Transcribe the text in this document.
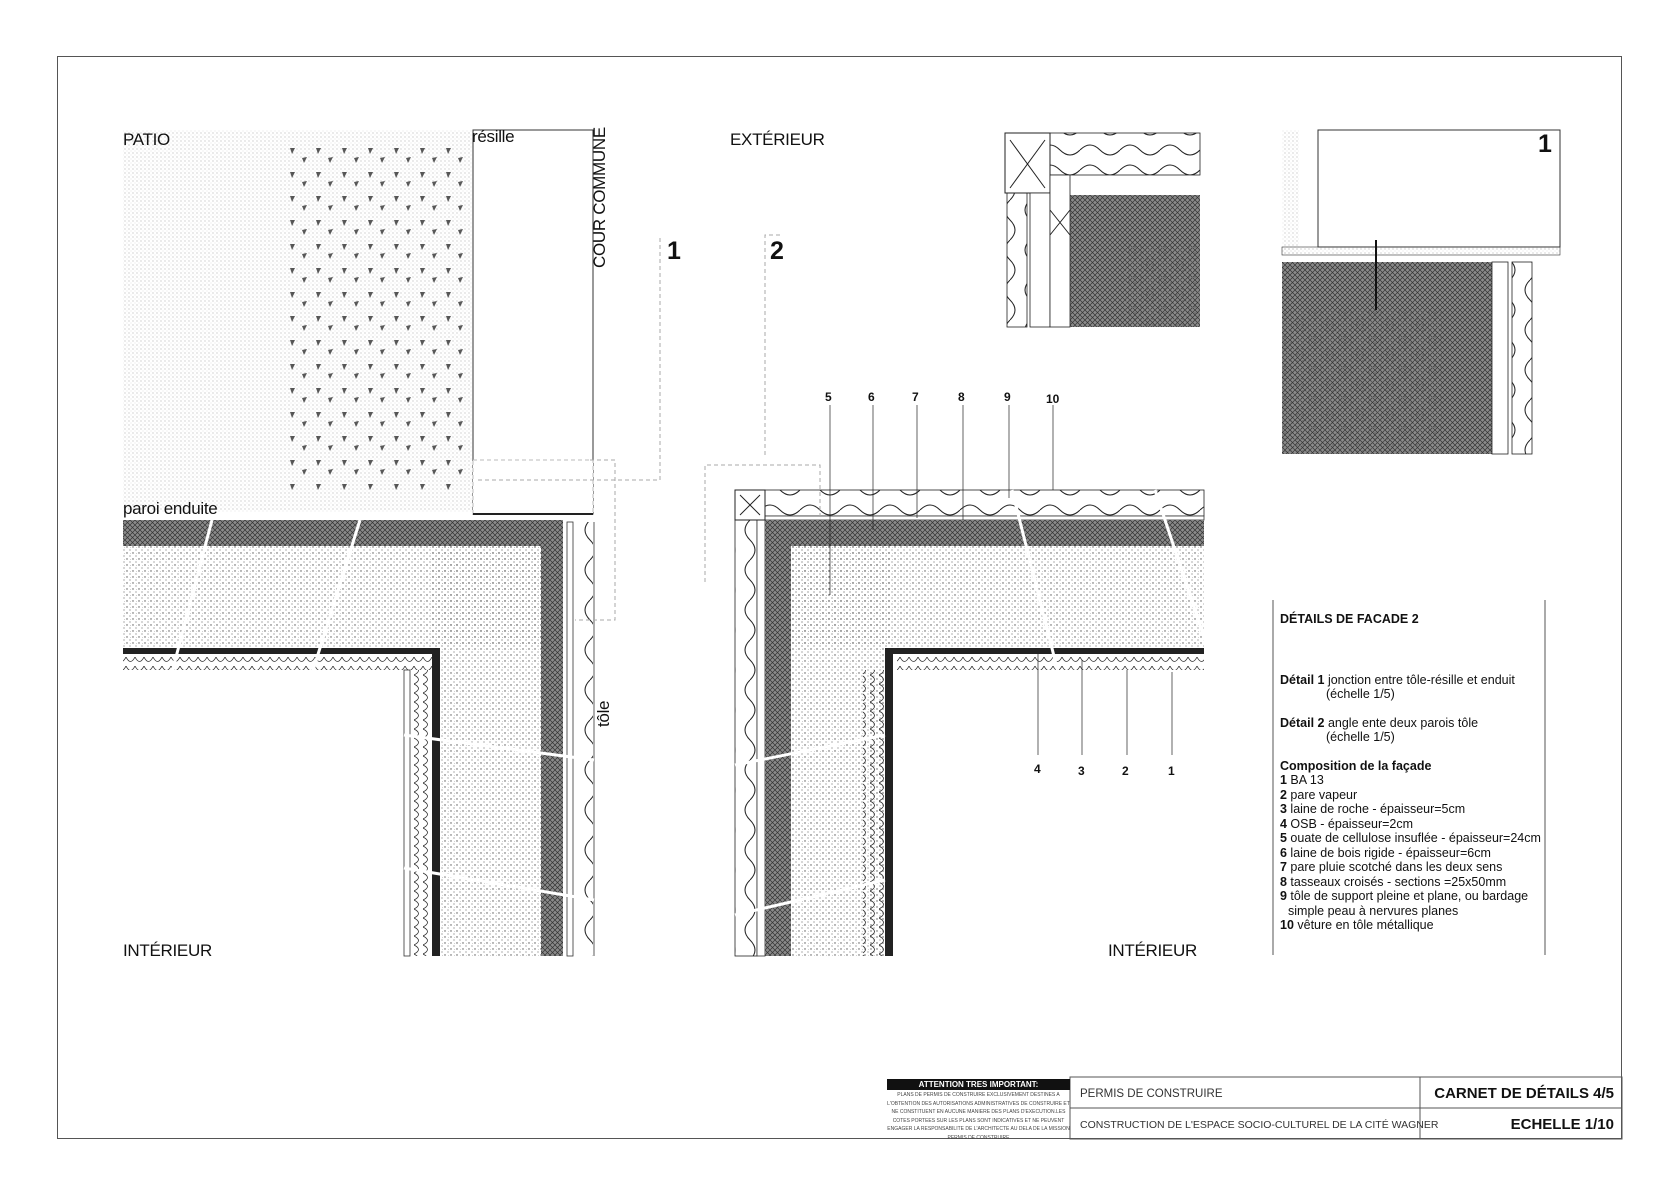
PATIO	résille	COUR COMMUNE	EXTÉRIEUR
paroi enduite
tôle
INTÉRIEUR	INTÉRIEUR
1	2
1
5	6	7	8	9	10
4	3	2	1
DÉTAILS DE FACADE 2
Détail 1 jonction entre tôle-résille et enduit
(échelle 1/5)
Détail 2 angle ente deux parois tôle
(échelle 1/5)
Composition de la façade
1 BA 13
2 pare vapeur
3 laine de roche - épaisseur=5cm
4 OSB - épaisseur=2cm
5 ouate de cellulose insuflée - épaisseur=24cm
6 laine de bois rigide - épaisseur=6cm
7 pare pluie scotché dans les deux sens
8 tasseaux croisés - sections =25x50mm
9 tôle de support pleine et plane, ou bardage
simple peau à nervures planes
10 vêture en tôle métallique
ATTENTION TRES IMPORTANT:
PLANS DE PERMIS DE CONSTRUIRE EXCLUSIVEMENT DESTINES A L'OBTENTION DES AUTORISATIONS ADMINISTRATIVES DE CONSTRUIRE ET NE CONSTITUENT EN AUCUNE MANIERE DES PLANS D'EXECUTION.LES COTES PORTEES SUR LES PLANS SONT INDICATIVES ET NE PEUVENT ENGAGER LA RESPONSABILITE DE L'ARCHITECTE AU DELA DE LA MISSION PERMIS DE CONSTRUIRE
PERMIS DE CONSTRUIRE
CONSTRUCTION DE L'ESPACE SOCIO-CULTUREL DE LA CITÉ WAGNER
CARNET DE DÉTAILS 4/5
ECHELLE 1/10
